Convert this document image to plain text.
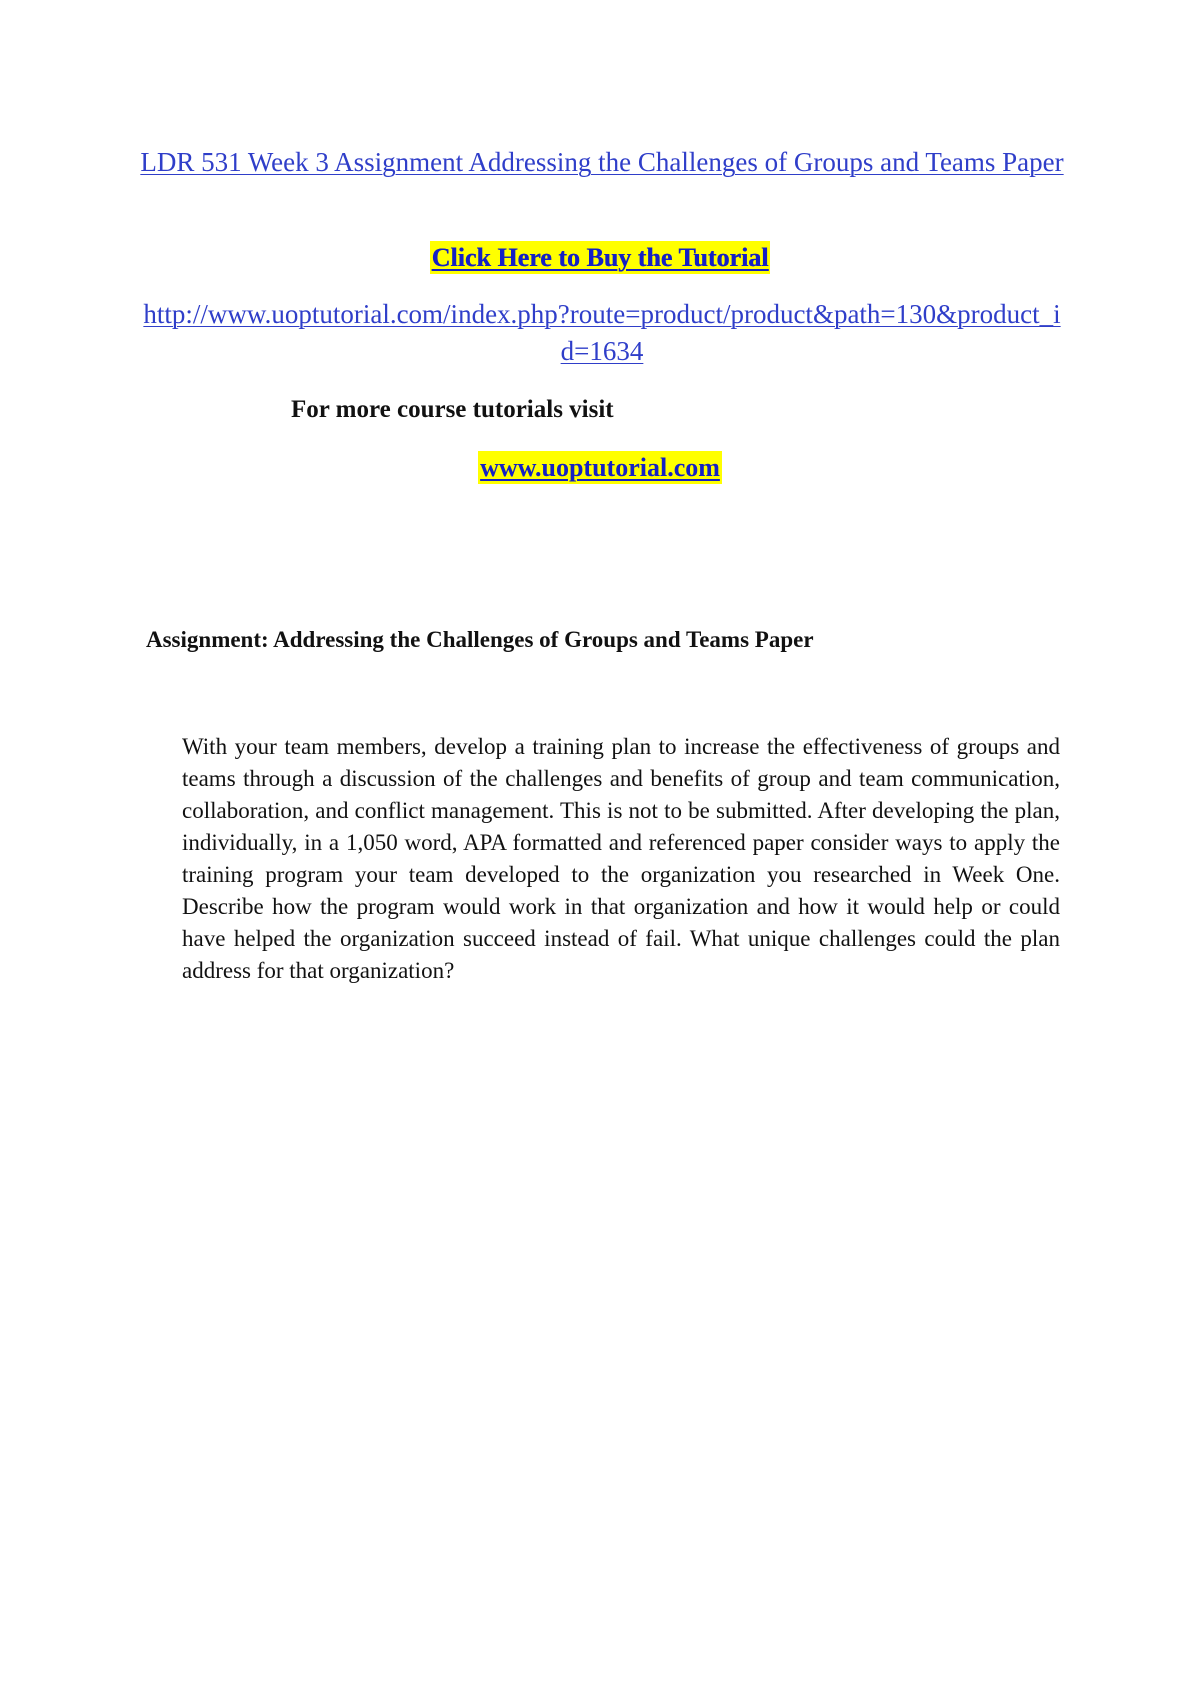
LDR 531 Week 3 Assignment Addressing the Challenges of Groups and Teams Paper
Click Here to Buy the Tutorial
http://www.uoptutorial.com/index.php?route=product/product&path=130&product_id=1634
For more course tutorials visit
www.uoptutorial.com
Assignment: Addressing the Challenges of Groups and Teams Paper

With your team members, develop a training plan to increase the effectiveness of groups and teams through a discussion of the challenges and benefits of group and team communication, collaboration, and conflict management. This is not to be submitted. After developing the plan, individually, in a 1,050 word, APA formatted and referenced paper consider ways to apply the training program your team developed to the organization you researched in Week One. Describe how the program would work in that organization and how it would help or could have helped the organization succeed instead of fail. What unique challenges could the plan address for that organization?
